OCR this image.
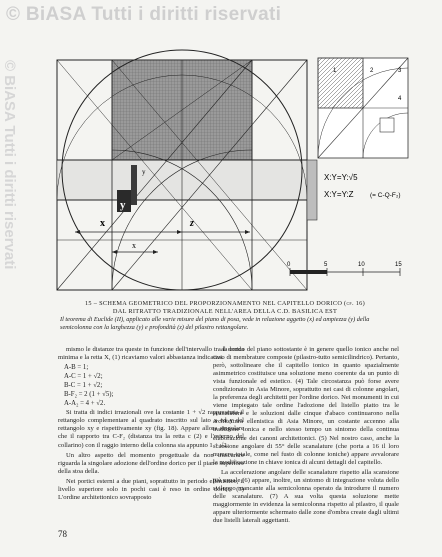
© BiASA Tutti i diritti riservati
© BiASA Tutti i diritti riservati	y
x	z
x
y
X:Y=Y:√5
X:Y=Y:Z	(= C-Q-F₂)
0	5	10	15
1	2	3
4
15 – SCHEMA GEOMETRICO DEL PROPORZIONAMENTO NEL CAPITELLO DORICO (cf. 16)
DAL RITRATTO TRADIZIONALE NELL'AREA DELLA C.D. BASILICA EST
Il teorema di Euclide (II), applicato alle varie misure del piano di posa, vede in relazione aggetto (x) ed ampiezza (y) della semicolonna con la larghezza (y) e profondità (z) del pilastro rettangolare.

mismo le distanze tra queste in funzione dell'intervallo tra la corda minima e la retta X, (1) ricaviamo valori abbastanza indicativi.

A-B = 1;
A-C = 1 + √2;
B-C = 1 + √2;
B-F₂ = 2 (1 + √5);
A-A₂ = 4 + √2.

Si tratta di indici irrazionali ove la costante 1 + √2 rappresenta il rettangolo complementare al quadrato inscritto sul lato x ed y del rettangolo xy e rispettivamente xy (fig. 18). Appare allora singolare che il rapporto tra C-F₂ (distanza tra la retta c (2) e l'esterno del collarino) con il raggio interno della colonna sia appunto 1 + √2.

Un altro aspetto del momento progettuale da non trascurare riguarda la singolare adozione dell'ordine dorico per il piano superiore della stoa della.

Nei portici esterni a due piani, soprattutto in periodo ellenistico, il livello superiore solo in pochi casi è reso in ordine dorico. (3) L'ordine architettonico sovrapposto

al dorico del piano sottostante è in genere quello ionico anche nel caso di membrature composte (pilastro-tutto semicilindrico). Pertanto, però, sottolineare che il capitello ionico in quanto spazialmente asimmetrico costituisce una soluzione meno coerente da un punto di vista funzionale ed estetico. (4) Tale circostanza può forse avere condizionato in Asia Minore, soprattutto nei casi di colonne angolari, la preferenza degli architetti per l'ordine dorico. Nei monumenti in cui viene impiegato tale ordine l'adozione del listello piatto tra le scanalature e le soluzioni dalle cinque d'abaco continuarono nella architettura ellenistica di Asia Minore, un costante accenno alla tradizione ionica e nello stesso tempo un sintomo della continua elaborazione dei canoni architettonici. (5) Nel nostro caso, anche la scansione angolare di 55° delle scanalature (che porta a 16 il loro numero totale, come nel fusto di colonne ioniche) appare avvalorare la modificazione in chiave ionica di alcuni dettagli del capitello.

La accelerazione angolare delle scanalature rispetto alla scansione più usuale (6) appare, inoltre, un sintomo di integrazione voluta dello sviluppo mancante alla semicolonna operato da introdurre il numero delle scanalature. (7) A sua volta questa soluzione mette maggiormente in evidenza la semicolonna rispetto al pilastro, il quale appare ulteriormente schermato dalle zone d'ombra create dagli ultimi due listelli laterali aggettanti.

78
